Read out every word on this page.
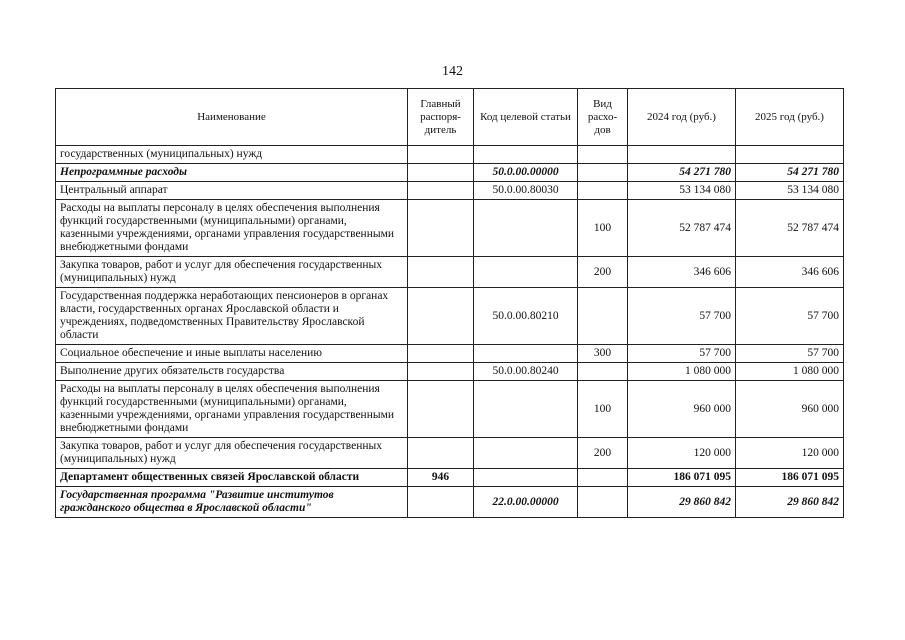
142
Наименование	Главный распоря-дитель	Код целевой статьи	Вид расхо-дов	2024 год (руб.)	2025 год (руб.)
государственных (муниципальных) нужд					
Непрограммные расходы		50.0.00.00000		54 271 780	54 271 780
Центральный аппарат		50.0.00.80030		53 134 080	53 134 080
Расходы на выплаты персоналу в целях обеспечения выполнения функций государственными (муниципальными) органами, казенными учреждениями, органами управления государственными внебюджетными фондами			100	52 787 474	52 787 474
Закупка товаров, работ и услуг для обеспечения государственных (муниципальных) нужд			200	346 606	346 606
Государственная поддержка неработающих пенсионеров в органах власти, государственных органах Ярославской области и учреждениях, подведомственных Правительству Ярославской области		50.0.00.80210		57 700	57 700
Социальное обеспечение и иные выплаты населению			300	57 700	57 700
Выполнение других обязательств государства		50.0.00.80240		1 080 000	1 080 000
Расходы на выплаты персоналу в целях обеспечения выполнения функций государственными (муниципальными) органами, казенными учреждениями, органами управления государственными внебюджетными фондами			100	960 000	960 000
Закупка товаров, работ и услуг для обеспечения государственных (муниципальных) нужд			200	120 000	120 000
Департамент общественных связей Ярославской области	946			186 071 095	186 071 095
Государственная программа "Развитие институтов гражданского общества в Ярославской области"		22.0.00.00000		29 860 842	29 860 842
